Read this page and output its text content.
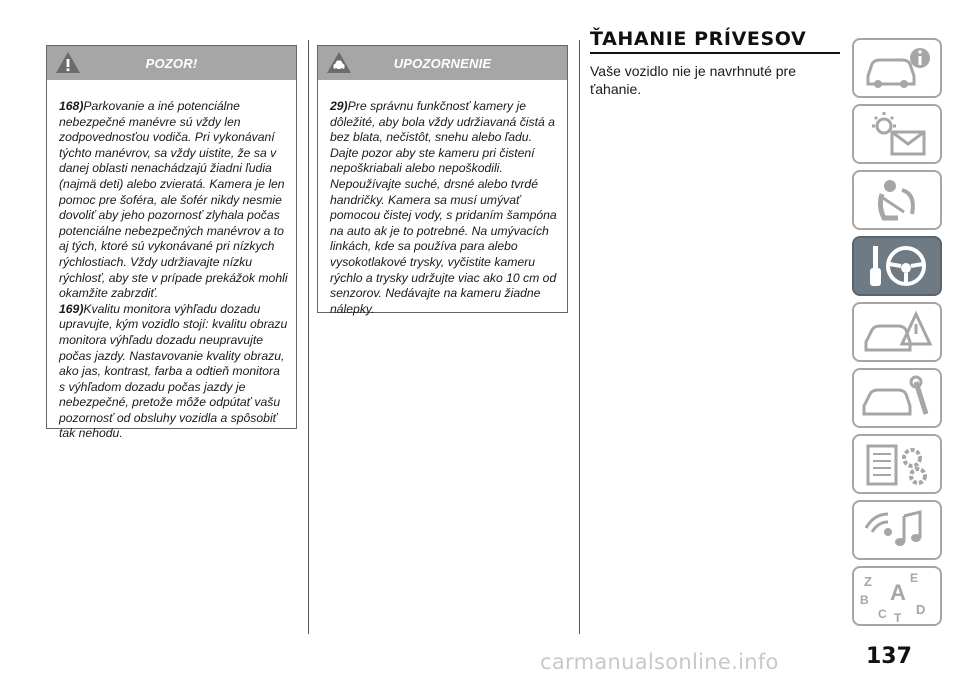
POZOR!

168)Parkovanie a iné potenciálne nebezpečné manévre sú vždy len zodpovednosťou vodiča. Pri vykonávaní týchto manévrov, sa vždy uistite, že sa v danej oblasti nenachádzajú žiadni ľudia (najmä deti) alebo zvieratá. Kamera je len pomoc pre šoféra, ale šofér nikdy nesmie dovoliť aby jeho pozornosť zlyhala počas potenciálne nebezpečných manévrov a to aj tých, ktoré sú vykonávané pri nízkych rýchlostiach. Vždy udržiavajte nízku rýchlosť, aby ste v prípade prekážok mohli okamžite zabrzdiť.

169)Kvalitu monitora výhľadu dozadu upravujte, kým vozidlo stojí: kvalitu obrazu monitora výhľadu dozadu neupravujte počas jazdy. Nastavovanie kvality obrazu, ako jas, kontrast, farba a odtieň monitora s výhľadom dozadu počas jazdy je nebezpečné, pretože môže odpútať vašu pozornosť od obsluhy vozidla a spôsobiť tak nehodu.

UPOZORNENIE

29)Pre správnu funkčnosť kamery je dôležité, aby bola vždy udržiavaná čistá a bez blata, nečistôt, snehu alebo ľadu. Dajte pozor aby ste kameru pri čistení nepoškriabali alebo nepoškodili. Nepoužívajte suché, drsné alebo tvrdé handričky. Kamera sa musí umývať pomocou čistej vody, s pridaním šampóna na auto ak je to potrebné. Na umývacích linkách, kde sa používa para alebo vysokotlakové trysky, vyčistite kameru rýchlo a trysky udržujte viac ako 10 cm od senzorov. Nedávajte na kameru žiadne nálepky.

ŤAHANIE PRÍVESOV
Vaše vozidlo nie je navrhnuté pre ťahanie.
Z	E
B A
C T
D
carmanualsonline.info	137
